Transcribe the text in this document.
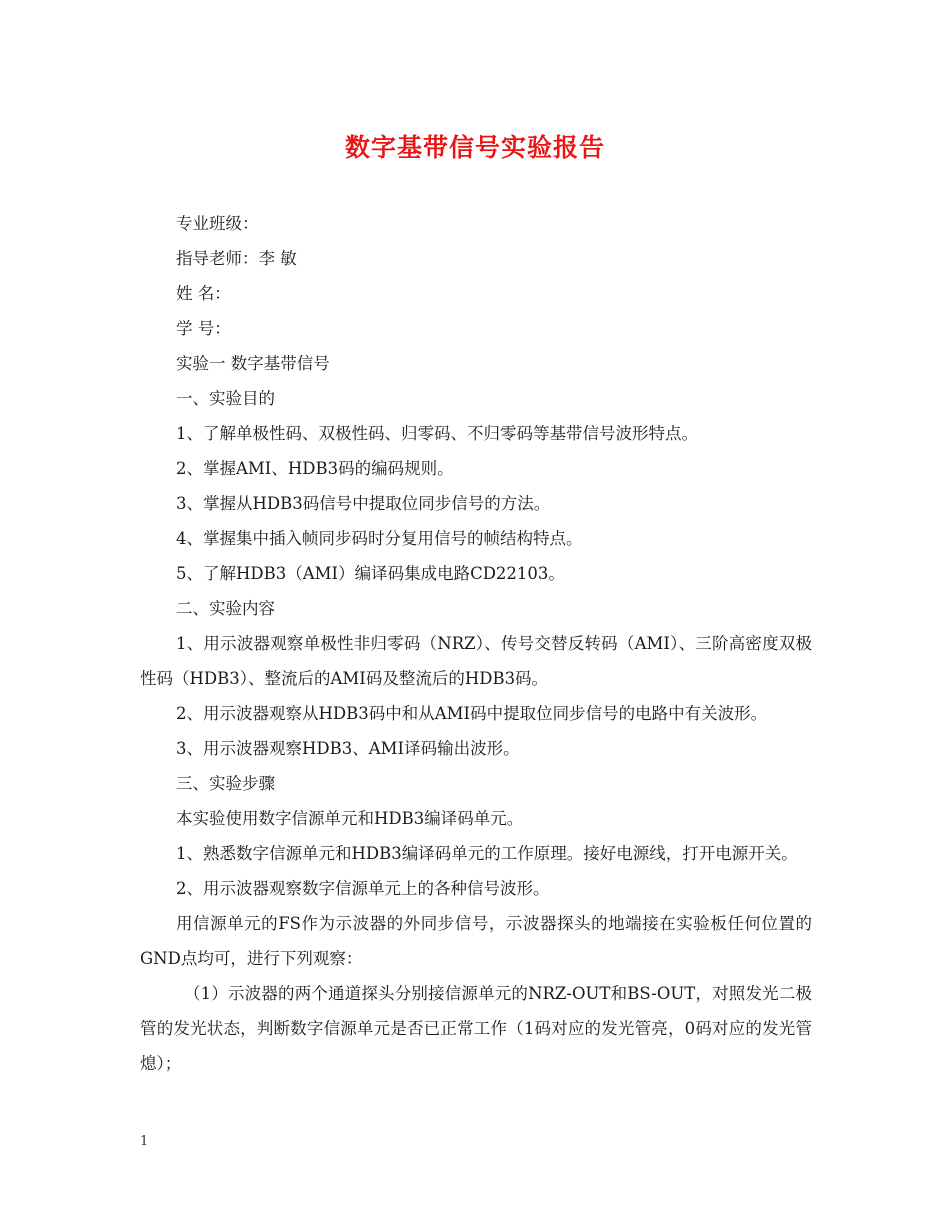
数字基带信号实验报告
专业班级：
指导老师：李 敏
姓 名：
学 号：
实验一 数字基带信号
一、实验目的
1、了解单极性码、双极性码、归零码、不归零码等基带信号波形特点。
2、掌握AMI、HDB3码的编码规则。
3、掌握从HDB3码信号中提取位同步信号的方法。
4、掌握集中插入帧同步码时分复用信号的帧结构特点。
5、了解HDB3（AMI）编译码集成电路CD22103。
二、实验内容

1、用示波器观察单极性非归零码（NRZ）、传号交替反转码（AMI）、三阶高密度双极性码（HDB3）、整流后的AMI码及整流后的HDB3码。

2、用示波器观察从HDB3码中和从AMI码中提取位同步信号的电路中有关波形。
3、用示波器观察HDB3、AMI译码输出波形。
三、实验步骤
本实验使用数字信源单元和HDB3编译码单元。

1、熟悉数字信源单元和HDB3编译码单元的工作原理。接好电源线，打开电源开关。

2、用示波器观察数字信源单元上的各种信号波形。

用信源单元的FS作为示波器的外同步信号，示波器探头的地端接在实验板任何位置的GND点均可，进行下列观察：

（1）示波器的两个通道探头分别接信源单元的NRZ-OUT和BS-OUT，对照发光二极管的发光状态，判断数字信源单元是否已正常工作（1码对应的发光管亮，0码对应的发光管熄）；

1
